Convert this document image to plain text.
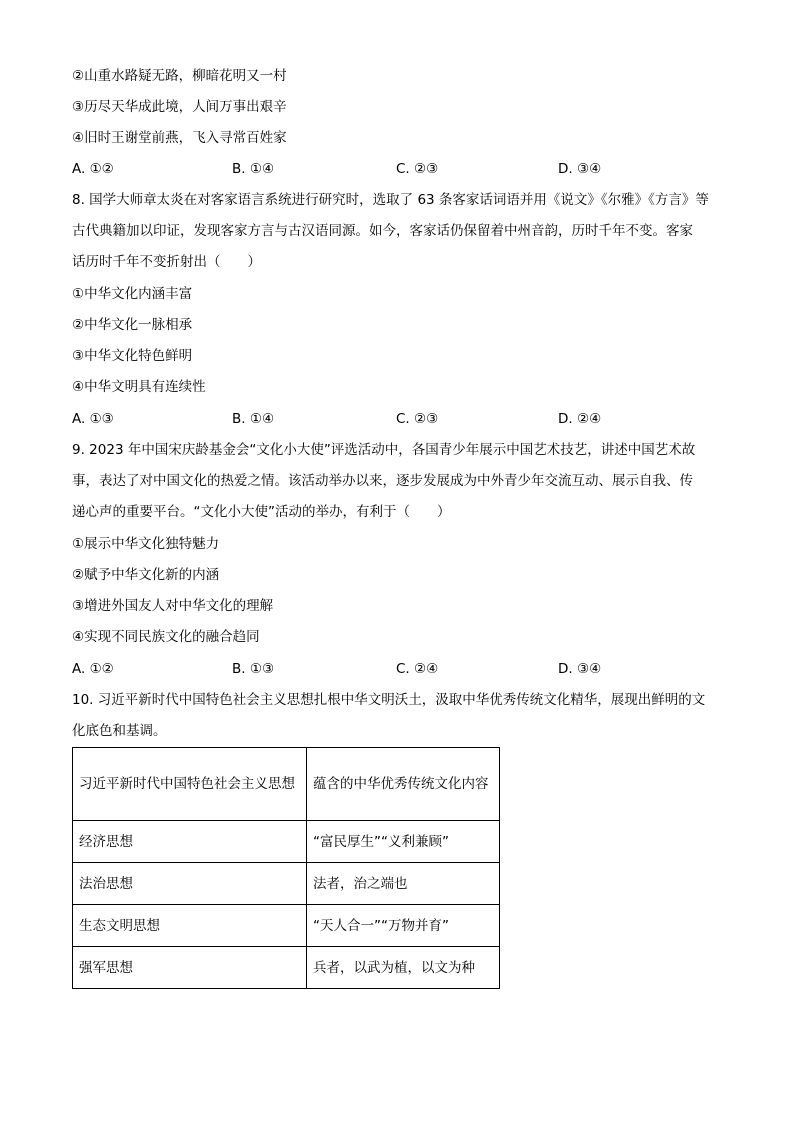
②山重水路疑无路，柳暗花明又一村
③历尽天华成此境，人间万事出艰辛
④旧时王谢堂前燕，飞入寻常百姓家
A. ①②	B. ①④	C. ②③	D. ③④
8. 国学大师章太炎在对客家语言系统进行研究时，选取了 63 条客家话词语并用《说文》《尔雅》《方言》等
古代典籍加以印证，发现客家方言与古汉语同源。如今，客家话仍保留着中州音韵，历时千年不变。客家
话历时千年不变折射出（　　）
①中华文化内涵丰富
②中华文化一脉相承
③中华文化特色鲜明
④中华文明具有连续性
A. ①③	B. ①④	C. ②③	D. ②④
9. 2023 年中国宋庆龄基金会“文化小大使”评选活动中，各国青少年展示中国艺术技艺，讲述中国艺术故
事，表达了对中国文化的热爱之情。该活动举办以来，逐步发展成为中外青少年交流互动、展示自我、传
递心声的重要平台。“文化小大使”活动的举办，有利于（　　）
①展示中华文化独特魅力
②赋予中华文化新的内涵
③增进外国友人对中华文化的理解
④实现不同民族文化的融合趋同
A. ①②	B. ①③	C. ②④	D. ③④
10. 习近平新时代中国特色社会主义思想扎根中华文明沃土，汲取中华优秀传统文化精华，展现出鲜明的文
化底色和基调。
习近平新时代中国特色社会主义思想	蕴含的中华优秀传统文化内容
经济思想	“富民厚生”“义利兼顾”
法治思想	法者，治之端也
生态文明思想	“天人合一”“万物并育”
强军思想	兵者，以武为植，以文为种
